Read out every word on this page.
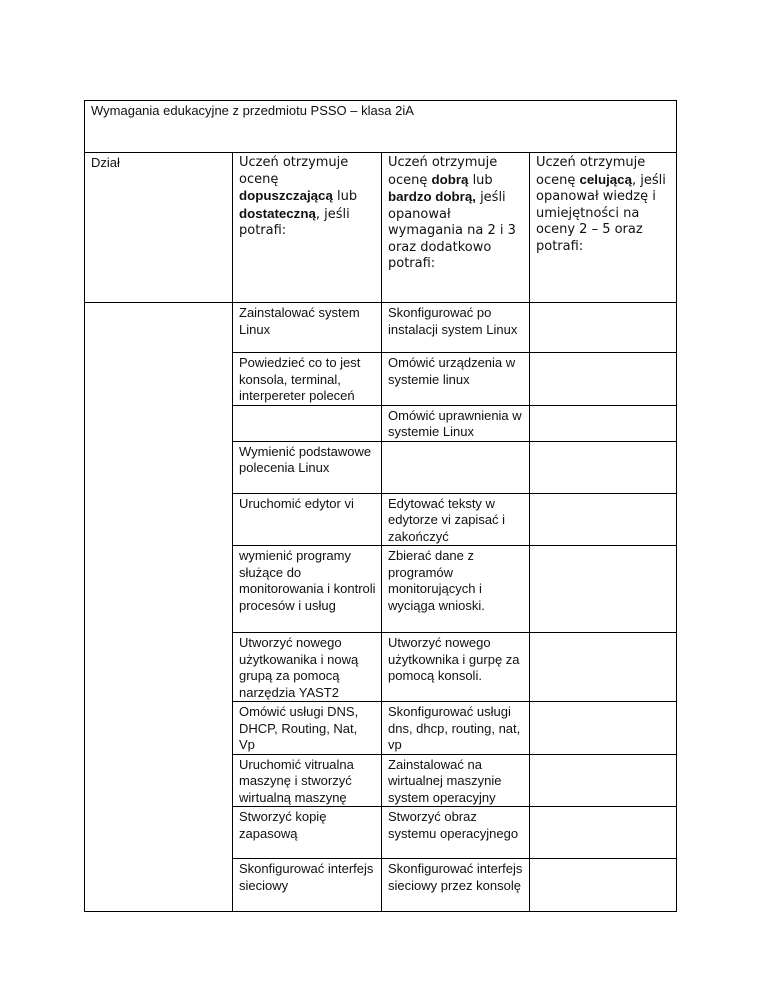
Wymagania edukacyjne z przedmiotu PSSO – klasa 2iA			
Dział	Uczeń otrzymuje ocenę dopuszczającą lub dostateczną, jeśli potrafi:	Uczeń otrzymuje ocenę dobrą lub bardzo dobrą, jeśli opanował wymagania na 2 i 3 oraz dodatkowo potrafi:	Uczeń otrzymuje ocenę celującą, jeśli opanował wiedzę i umiejętności na oceny 2 – 5 oraz potrafi:
	Zainstalować system Linux	Skonfigurować po instalacji system Linux	
	Powiedzieć co to jest konsola, terminal, interpereter poleceń	Omówić urządzenia w systemie linux	
		Omówić uprawnienia w systemie Linux	
	Wymienić podstawowe polecenia Linux		
	Uruchomić edytor vi	Edytować teksty w edytorze vi zapisać i zakończyć	
	wymienić programy służące do monitorowania i kontroli procesów i usług	Zbierać dane z programów monitorujących i wyciąga wnioski.	
	Utworzyć nowego użytkowanika i nową grupą za pomocą narzędzia YAST2	Utworzyć nowego użytkownika i gurpę za pomocą konsoli.	
	Omówić usługi DNS, DHCP, Routing, Nat, Vp	Skonfigurować usługi dns, dhcp, routing, nat, vp	
	Uruchomić vitrualna maszynę i stworzyć wirtualną maszynę	Zainstalować na wirtualnej maszynie system operacyjny	
	Stworzyć kopię zapasową	Stworzyć obraz systemu operacyjnego	
	Skonfigurować interfejs sieciowy	Skonfigurować interfejs sieciowy przez konsolę	
